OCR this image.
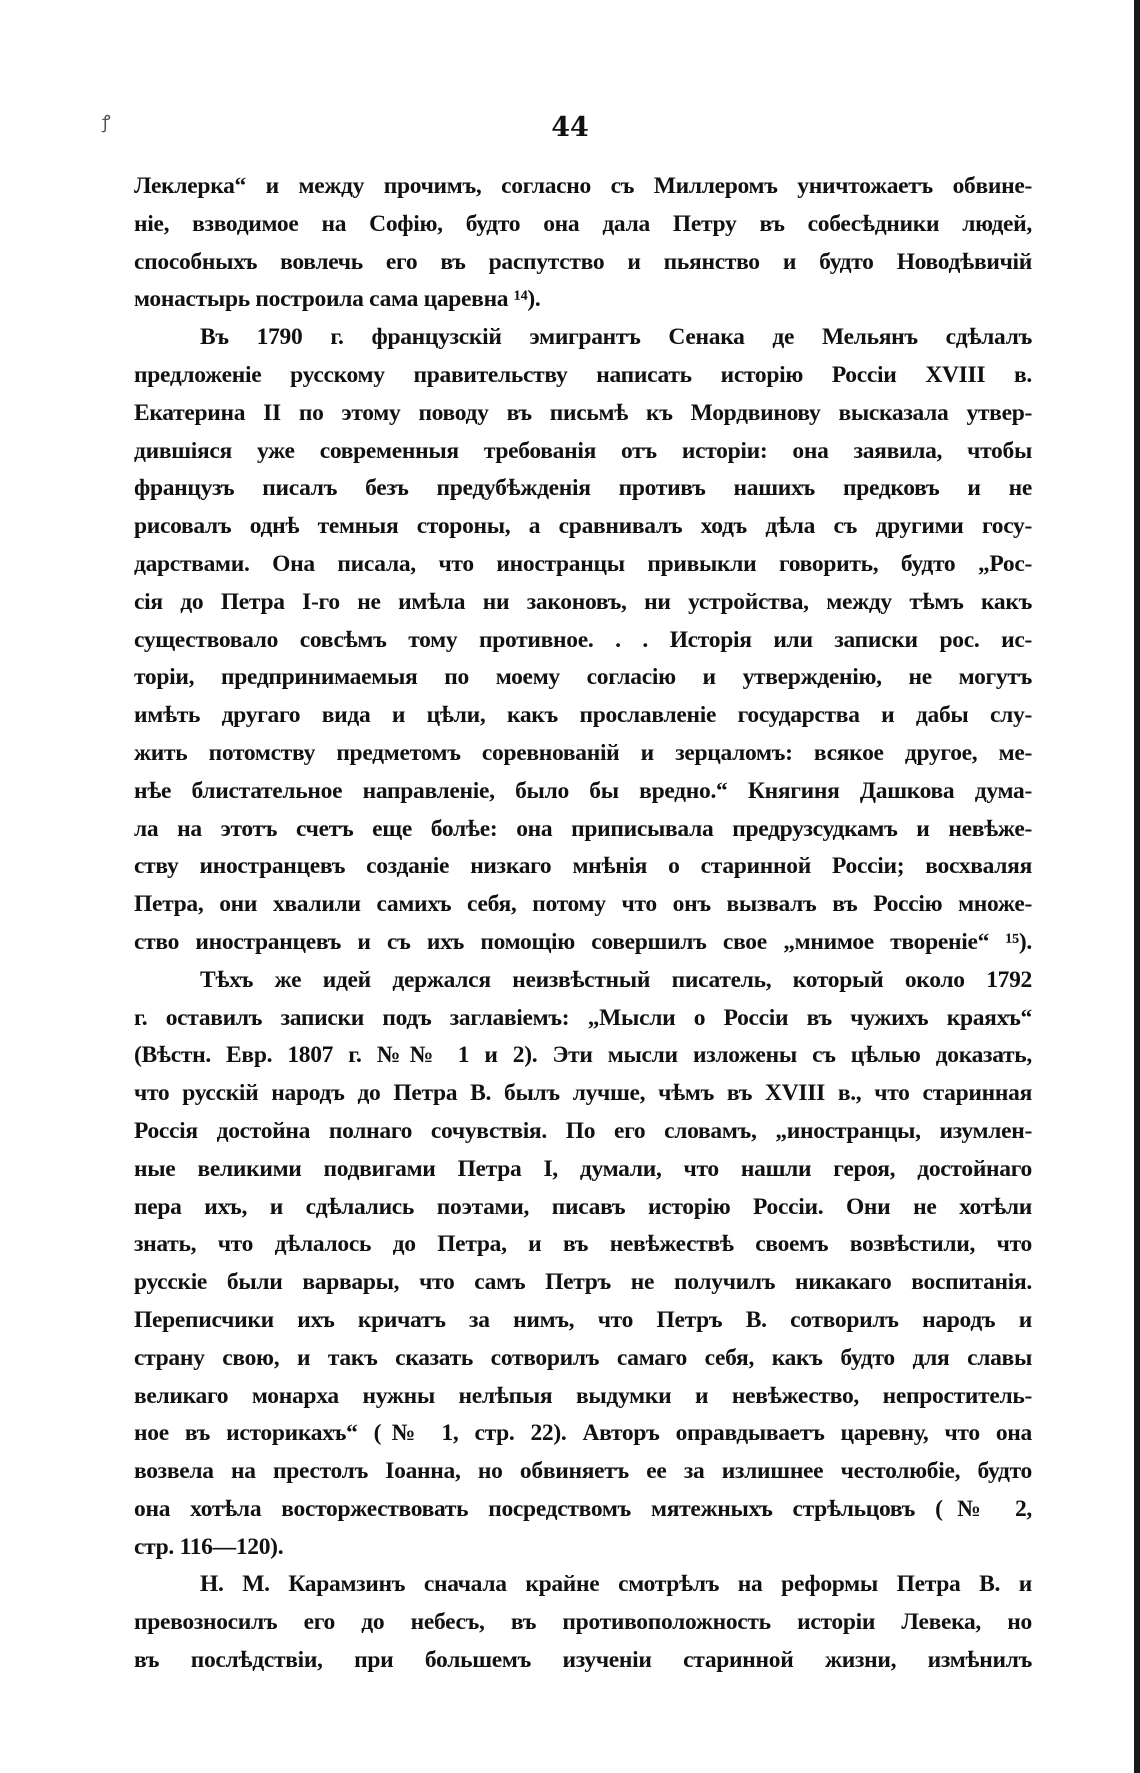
ꝭ	44
Леклерка“ и между прочимъ, согласно съ Миллеромъ уничтожаетъ обвине-
ніе, взводимое на Софію, будто она дала Петру въ собесѣдники людей,
способныхъ вовлечь его въ распутство и пьянство и будто Новодѣвичій
монастырь построила сама царевна ¹⁴).
Въ 1790 г. французскій эмигрантъ Сенака де Мельянъ сдѣлалъ
предложеніе русскому правительству написать исторію Россіи XVIII в.
Екатерина II по этому поводу въ письмѣ къ Мордвинову высказала утвер-
дившіяся уже современныя требованія отъ исторіи: она заявила, чтобы
французъ писалъ безъ предубѣжденія противъ нашихъ предковъ и не
рисовалъ однѣ темныя стороны, а сравнивалъ ходъ дѣла съ другими госу-
дарствами. Она писала, что иностранцы привыкли говорить, будто „Рос-
сія до Петра I-го не имѣла ни законовъ, ни устройства, между тѣмъ какъ
существовало совсѣмъ тому противное. . . Исторія или записки рос. ис-
торіи, предпринимаемыя по моему согласію и утвержденію, не могутъ
имѣть другаго вида и цѣли, какъ прославленіе государства и дабы слу-
жить потомству предметомъ соревнованій и зерцаломъ: всякое другое, ме-
нѣе блистательное направленіе, было бы вредно.“ Княгиня Дашкова дума-
ла на этотъ счетъ еще болѣе: она приписывала предрузсудкамъ и невѣже-
ству иностранцевъ созданіе низкаго мнѣнія о старинной Россіи; восхваляя
Петра, они хвалили самихъ себя, потому что онъ вызвалъ въ Россію множе-
ство иностранцевъ и съ ихъ помощію совершилъ свое „мнимое твореніе“ ¹⁵).
Тѣхъ же идей держался неизвѣстный писатель, который около 1792
г. оставилъ записки подъ заглавіемъ: „Мысли о Россіи въ чужихъ краяхъ“
(Вѣстн. Евр. 1807 г. №№ 1 и 2). Эти мысли изложены съ цѣлью доказать,
что русскій народъ до Петра В. былъ лучше, чѣмъ въ XVIII в., что старинная
Россія достойна полнаго сочувствія. По его словамъ, „иностранцы, изумлен-
ные великими подвигами Петра I, думали, что нашли героя, достойнаго
пера ихъ, и сдѣлались поэтами, писавъ исторію Россіи. Они не хотѣли
знать, что дѣлалось до Петра, и въ невѣжествѣ своемъ возвѣстили, что
русскіе были варвары, что самъ Петръ не получилъ никакаго воспитанія.
Переписчики ихъ кричатъ за нимъ, что Петръ В. сотворилъ народъ и
страну свою, и такъ сказать сотворилъ самаго себя, какъ будто для славы
великаго монарха нужны нелѣпыя выдумки и невѣжество, непроститель-
ное въ историкахъ“ (№ 1, стр. 22). Авторъ оправдываетъ царевну, что она
возвела на престолъ Іоанна, но обвиняетъ ее за излишнее честолюбіе, будто
она хотѣла восторжествовать посредствомъ мятежныхъ стрѣльцовъ (№ 2,
стр. 116—120).
Н. М. Карамзинъ сначала крайне смотрѣлъ на реформы Петра В. и
превозносилъ его до небесъ, въ противоположность исторіи Левека, но
въ послѣдствіи, при большемъ изученіи старинной жизни, измѣнилъ
